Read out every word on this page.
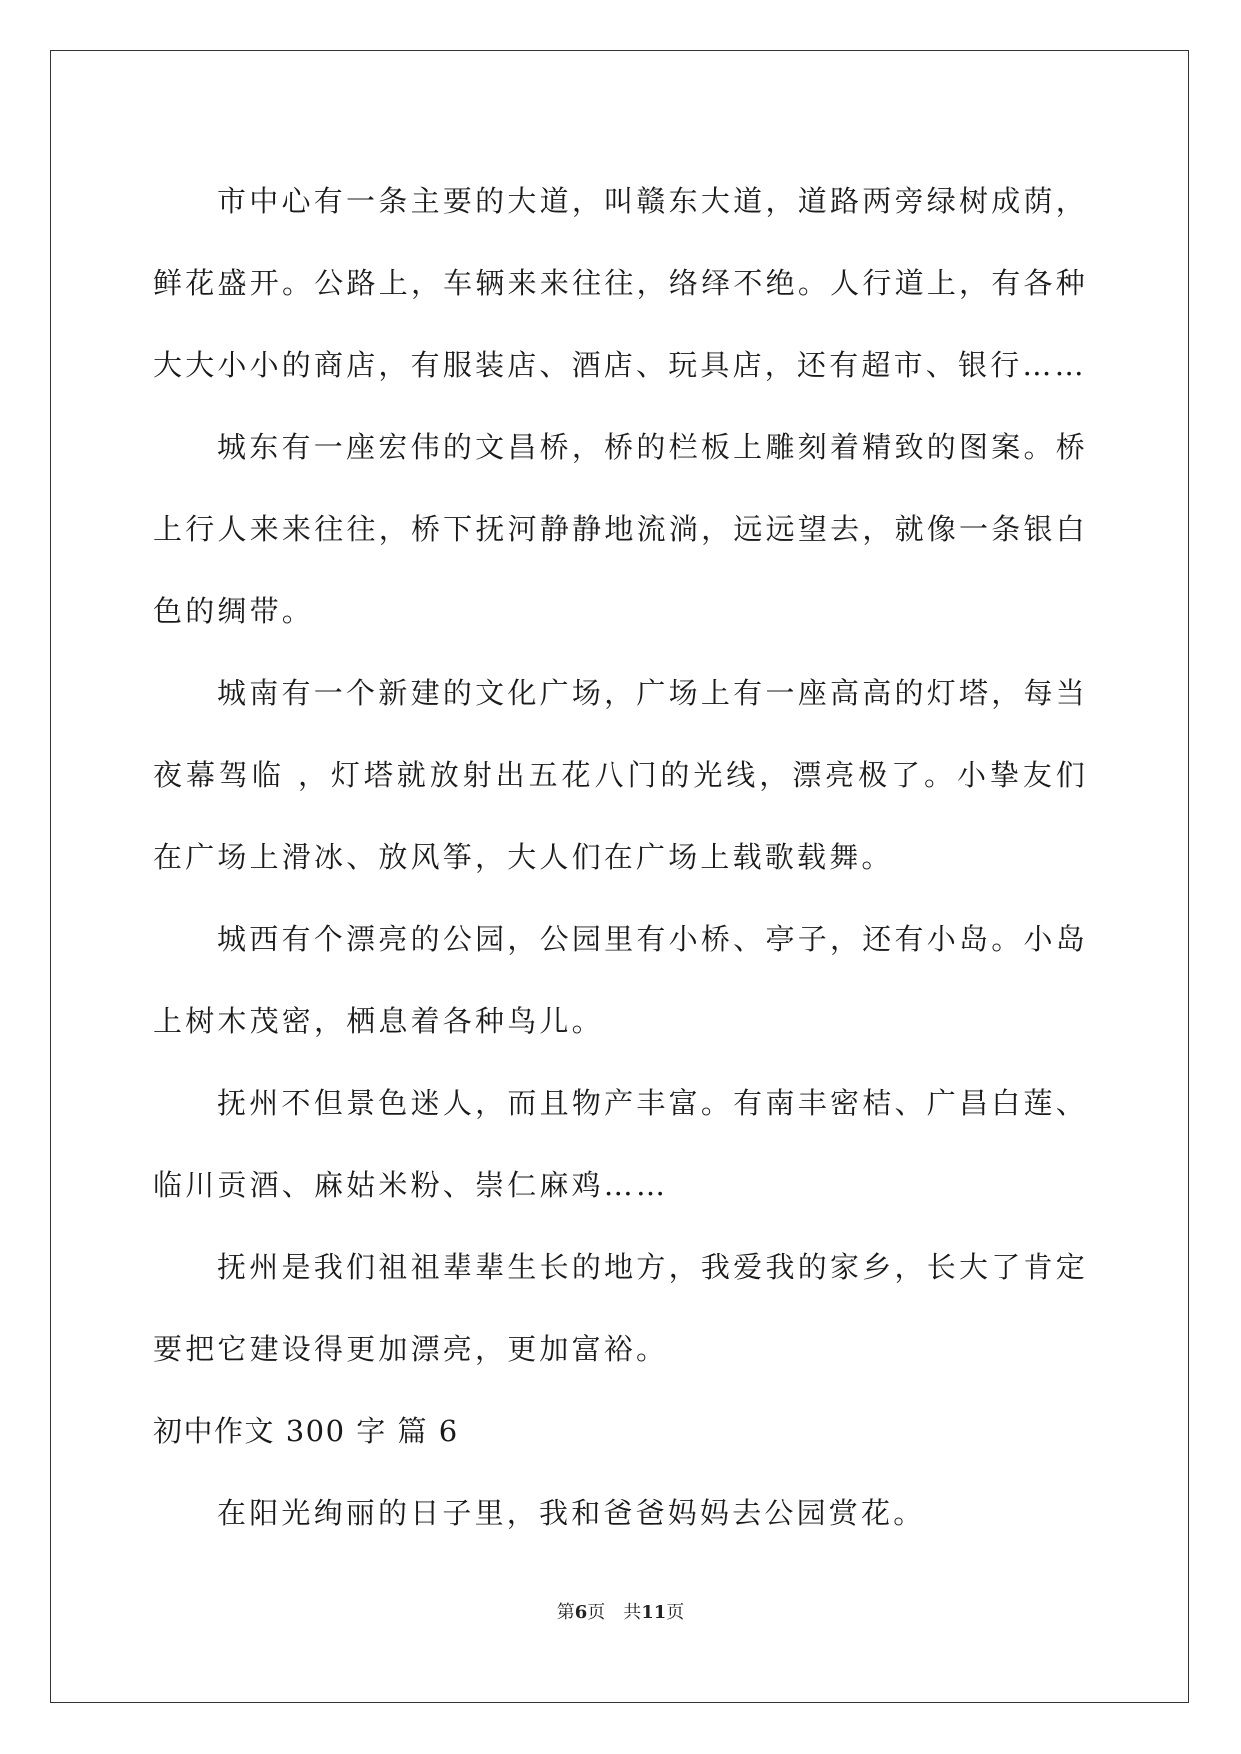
市中心有一条主要的大道，叫赣东大道，道路两旁绿树成荫，鲜花盛开。公路上，车辆来来往往，络绎不绝。人行道上，有各种大大小小的商店，有服装店、酒店、玩具店，还有超市、银行……

城东有一座宏伟的文昌桥，桥的栏板上雕刻着精致的图案。桥上行人来来往往，桥下抚河静静地流淌，远远望去，就像一条银白色的绸带。

城南有一个新建的文化广场，广场上有一座高高的灯塔，每当夜幕驾临 ，灯塔就放射出五花八门的光线，漂亮极了。小挚友们在广场上滑冰、放风筝，大人们在广场上载歌载舞。

城西有个漂亮的公园，公园里有小桥、亭子，还有小岛。小岛上树木茂密，栖息着各种鸟儿。

抚州不但景色迷人，而且物产丰富。有南丰密桔、广昌白莲、临川贡酒、麻姑米粉、崇仁麻鸡……

抚州是我们祖祖辈辈生长的地方，我爱我的家乡，长大了肯定要把它建设得更加漂亮，更加富裕。

初中作文 300 字 篇 6

在阳光绚丽的日子里，我和爸爸妈妈去公园赏花。

第6页 共11页
